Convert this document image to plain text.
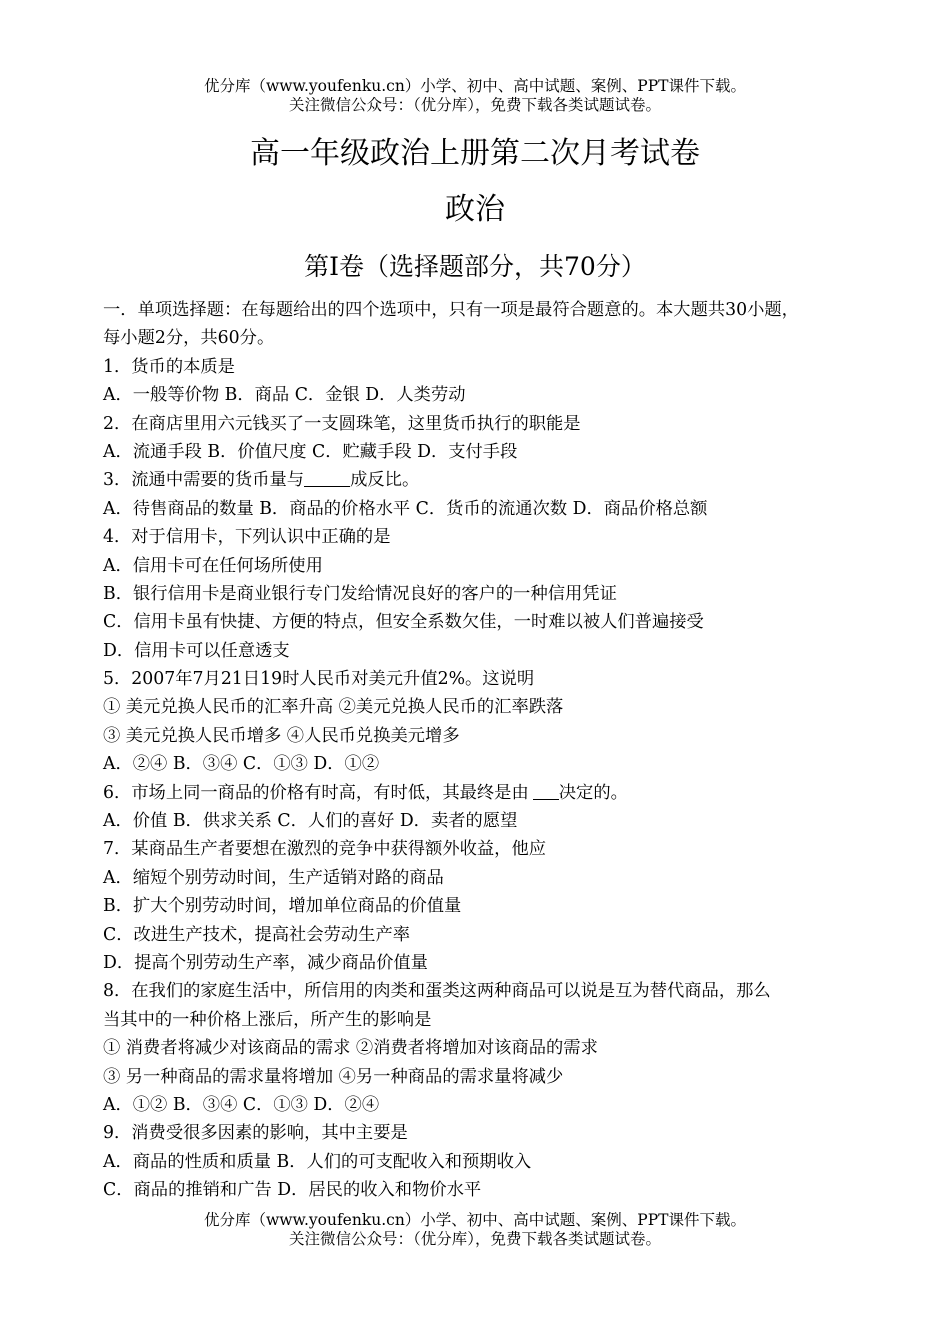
优分库（www.youfenku.cn）小学、初中、高中试题、案例、PPT课件下载。
关注微信公众号：（优分库），免费下载各类试题试卷。
高一年级政治上册第二次月考试卷
政治
第Ⅰ卷（选择题部分，共70分）
一．单项选择题：在每题给出的四个选项中，只有一项是最符合题意的。本大题共30小题，
每小题2分，共60分。
1．货币的本质是
A．一般等价物 B．商品 C．金银 D．人类劳动
2．在商店里用六元钱买了一支圆珠笔，这里货币执行的职能是
A．流通手段 B．价值尺度 C．贮藏手段 D．支付手段
3．流通中需要的货币量与	成反比。
A．待售商品的数量 B．商品的价格水平 C．货币的流通次数 D．商品价格总额
4．对于信用卡，下列认识中正确的是
A．信用卡可在任何场所使用
B．银行信用卡是商业银行专门发给情况良好的客户的一种信用凭证
C．信用卡虽有快捷、方便的特点，但安全系数欠佳，一时难以被人们普遍接受
D．信用卡可以任意透支
5．2007年7月21日19时人民币对美元升值2%。这说明
① 美元兑换人民币的汇率升高 ②美元兑换人民币的汇率跌落
③ 美元兑换人民币增多 ④人民币兑换美元增多
A．②④ B．③④ C．①③ D．①②
6．市场上同一商品的价格有时高，有时低，其最终是由 决定的。
A．价值 B．供求关系 C．人们的喜好 D．卖者的愿望
7．某商品生产者要想在激烈的竞争中获得额外收益，他应
A．缩短个别劳动时间，生产适销对路的商品
B．扩大个别劳动时间，增加单位商品的价值量
C．改进生产技术，提高社会劳动生产率
D．提高个别劳动生产率，减少商品价值量
8．在我们的家庭生活中，所信用的肉类和蛋类这两种商品可以说是互为替代商品，那么
当其中的一种价格上涨后，所产生的影响是
① 消费者将减少对该商品的需求 ②消费者将增加对该商品的需求
③ 另一种商品的需求量将增加 ④另一种商品的需求量将减少
A．①② B．③④ C．①③ D．②④
9．消费受很多因素的影响，其中主要是
A．商品的性质和质量 B．人们的可支配收入和预期收入
C．商品的推销和广告 D．居民的收入和物价水平
优分库（www.youfenku.cn）小学、初中、高中试题、案例、PPT课件下载。
关注微信公众号：（优分库），免费下载各类试题试卷。
